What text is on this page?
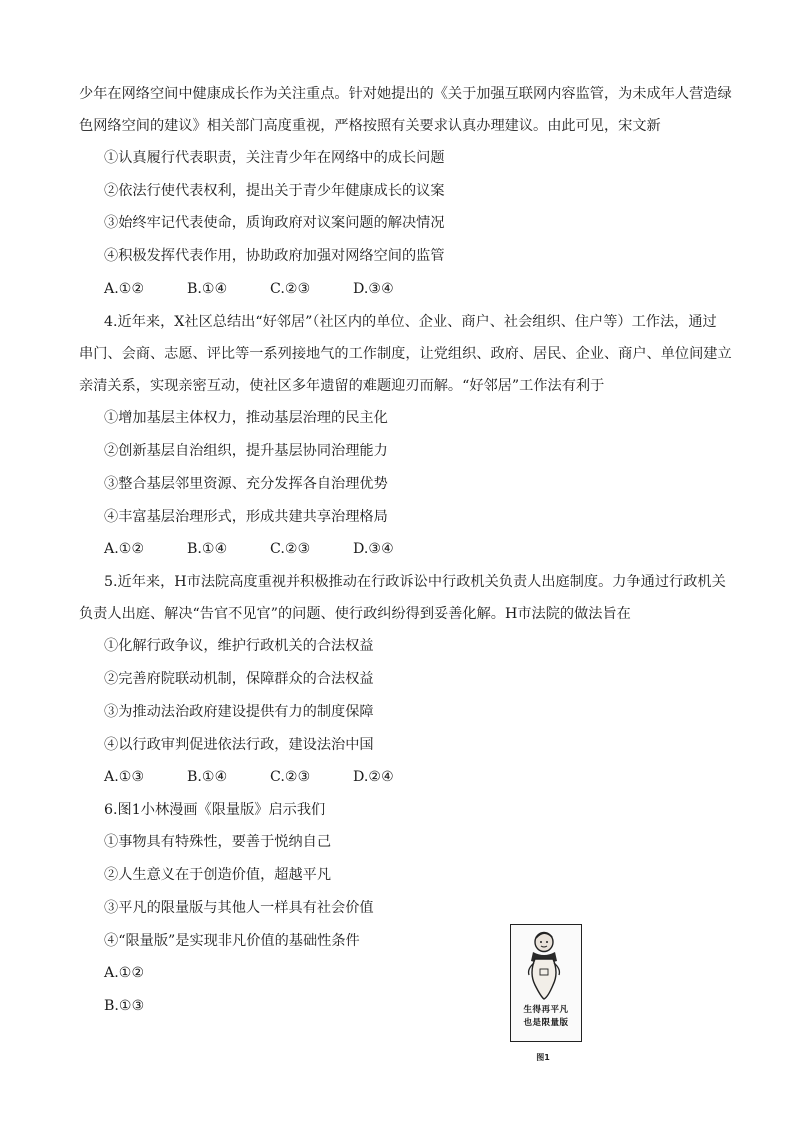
少年在网络空间中健康成长作为关注重点。针对她提出的《关于加强互联网内容监管，为未成年人营造绿
色网络空间的建议》相关部门高度重视，严格按照有关要求认真办理建议。由此可见，宋文新
①认真履行代表职责，关注青少年在网络中的成长问题
②依法行使代表权利，提出关于青少年健康成长的议案
③始终牢记代表使命，质询政府对议案问题的解决情况
④积极发挥代表作用，协助政府加强对网络空间的监管
A.①②	B.①④	C.②③	D.③④
4.近年来，X社区总结出“好邻居”（社区内的单位、企业、商户、社会组织、住户等）工作法，通过
串门、会商、志愿、评比等一系列接地气的工作制度，让党组织、政府、居民、企业、商户、单位间建立
亲清关系，实现亲密互动，使社区多年遗留的难题迎刃而解。“好邻居”工作法有利于
①增加基层主体权力，推动基层治理的民主化
②创新基层自治组织，提升基层协同治理能力
③整合基层邻里资源、充分发挥各自治理优势
④丰富基层治理形式，形成共建共享治理格局
A.①②	B.①④	C.②③	D.③④
5.近年来，H市法院高度重视并积极推动在行政诉讼中行政机关负责人出庭制度。力争通过行政机关
负责人出庭、解决“告官不见官”的问题、使行政纠纷得到妥善化解。H市法院的做法旨在
①化解行政争议，维护行政机关的合法权益
②完善府院联动机制，保障群众的合法权益
③为推动法治政府建设提供有力的制度保障
④以行政审判促进依法行政，建设法治中国
A.①③	B.①④	C.②③	D.②④
6.图1小林漫画《限量版》启示我们
①事物具有特殊性，要善于悦纳自己
②人生意义在于创造价值，超越平凡
③平凡的限量版与其他人一样具有社会价值
④“限量版”是实现非凡价值的基础性条件
A.①②
B.①③	生得再平凡
也是限量版
图1
